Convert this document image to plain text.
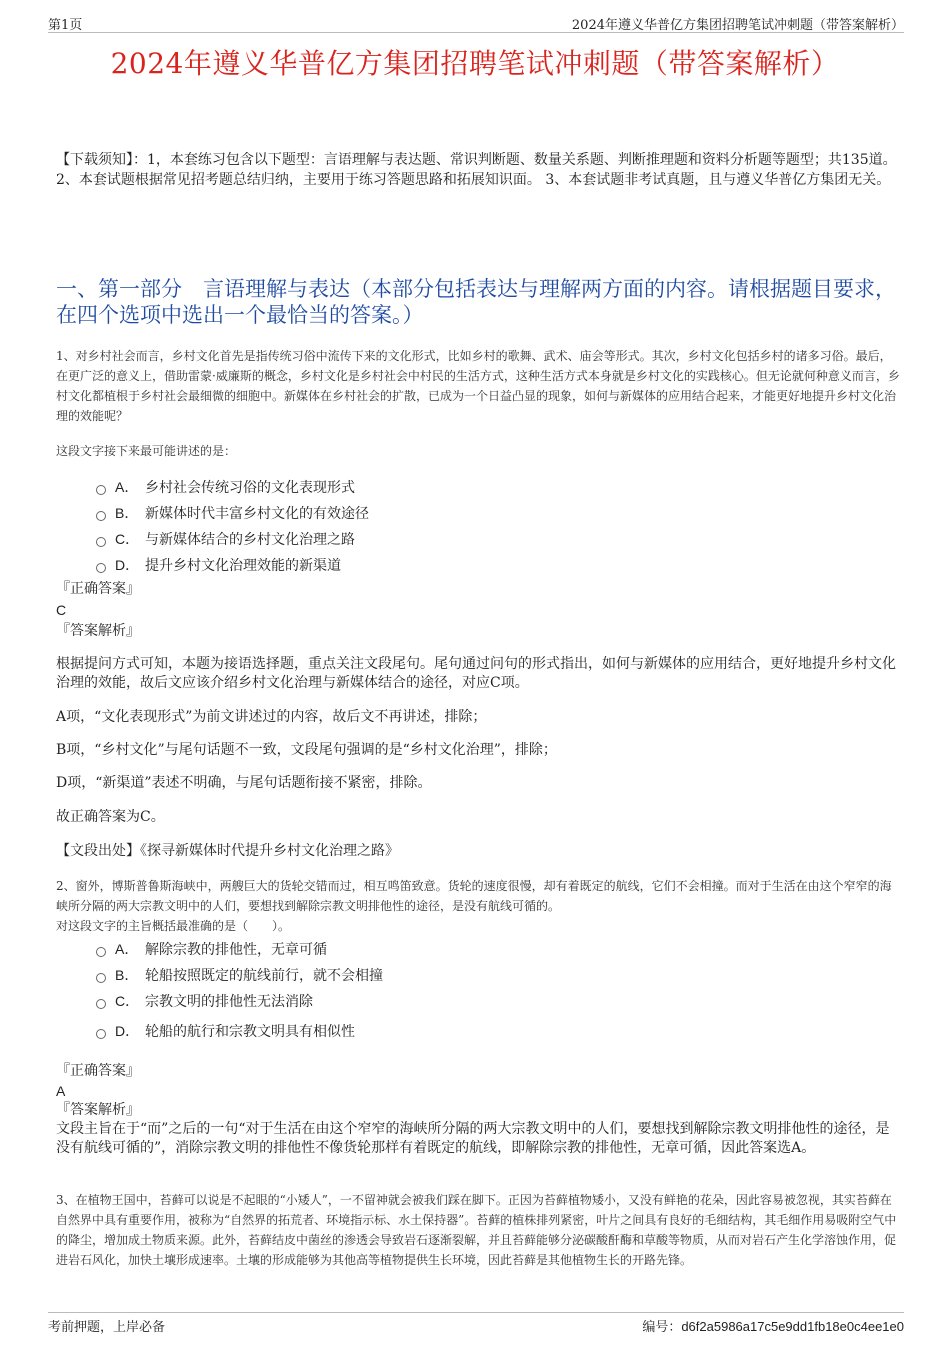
第1页	2024年遵义华普亿方集团招聘笔试冲刺题（带答案解析）
2024年遵义华普亿方集团招聘笔试冲刺题（带答案解析）
【下载须知】：1，本套练习包含以下题型：言语理解与表达题、常识判断题、数量关系题、判断推理题和资料分析题等题型；共135道。 2、本套试题根据常见招考题总结归纳，主要用于练习答题思路和拓展知识面。 3、本套试题非考试真题，且与遵义华普亿方集团无关。
一、第一部分　言语理解与表达（本部分包括表达与理解两方面的内容。请根据题目要求，在四个选项中选出一个最恰当的答案。）
1、对乡村社会而言，乡村文化首先是指传统习俗中流传下来的文化形式，比如乡村的歌舞、武术、庙会等形式。其次，乡村文化包括乡村的诸多习俗。最后，在更广泛的意义上，借助雷蒙·威廉斯的概念，乡村文化是乡村社会中村民的生活方式，这种生活方式本身就是乡村文化的实践核心。但无论就何种意义而言，乡村文化都植根于乡村社会最细微的细胞中。新媒体在乡村社会的扩散，已成为一个日益凸显的现象，如何与新媒体的应用结合起来，才能更好地提升乡村文化治理的效能呢？
这段文字接下来最可能讲述的是：
A． 乡村社会传统习俗的文化表现形式
B． 新媒体时代丰富乡村文化的有效途径
C． 与新媒体结合的乡村文化治理之路
D． 提升乡村文化治理效能的新渠道
『正确答案』
C
『答案解析』
根据提问方式可知，本题为接语选择题，重点关注文段尾句。尾句通过问句的形式指出，如何与新媒体的应用结合，更好地提升乡村文化治理的效能，故后文应该介绍乡村文化治理与新媒体结合的途径，对应C项。
A项，“文化表现形式”为前文讲述过的内容，故后文不再讲述，排除；
B项，“乡村文化”与尾句话题不一致，文段尾句强调的是“乡村文化治理”，排除；
D项，“新渠道”表述不明确，与尾句话题衔接不紧密，排除。
故正确答案为C。
【文段出处】《探寻新媒体时代提升乡村文化治理之路》
2、窗外，博斯普鲁斯海峡中，两艘巨大的货轮交错而过，相互鸣笛致意。货轮的速度很慢，却有着既定的航线，它们不会相撞。而对于生活在由这个窄窄的海峡所分隔的两大宗教文明中的人们，要想找到解除宗教文明排他性的途径，是没有航线可循的。
对这段文字的主旨概括最准确的是（　　）。
A． 解除宗教的排他性，无章可循
B． 轮船按照既定的航线前行，就不会相撞
C． 宗教文明的排他性无法消除
D． 轮船的航行和宗教文明具有相似性
『正确答案』
A
『答案解析』
文段主旨在于“而”之后的一句“对于生活在由这个窄窄的海峡所分隔的两大宗教文明中的人们，要想找到解除宗教文明排他性的途径，是没有航线可循的”，消除宗教文明的排他性不像货轮那样有着既定的航线，即解除宗教的排他性，无章可循，因此答案选A。
3、在植物王国中，苔藓可以说是不起眼的“小矮人”，一不留神就会被我们踩在脚下。正因为苔藓植物矮小，又没有鲜艳的花朵，因此容易被忽视，其实苔藓在自然界中具有重要作用，被称为“自然界的拓荒者、环境指示标、水土保持器”。苔藓的植株排列紧密，叶片之间具有良好的毛细结构，其毛细作用易吸附空气中的降尘，增加成土物质来源。此外，苔藓结皮中菌丝的渗透会导致岩石逐渐裂解，并且苔藓能够分泌碳酸酐酶和草酸等物质，从而对岩石产生化学溶蚀作用，促进岩石风化，加快土壤形成速率。土壤的形成能够为其他高等植物提供生长环境，因此苔藓是其他植物生长的开路先锋。
考前押题，上岸必备	编号：d6f2a5986a17c5e9dd1fb18e0c4ee1e0
